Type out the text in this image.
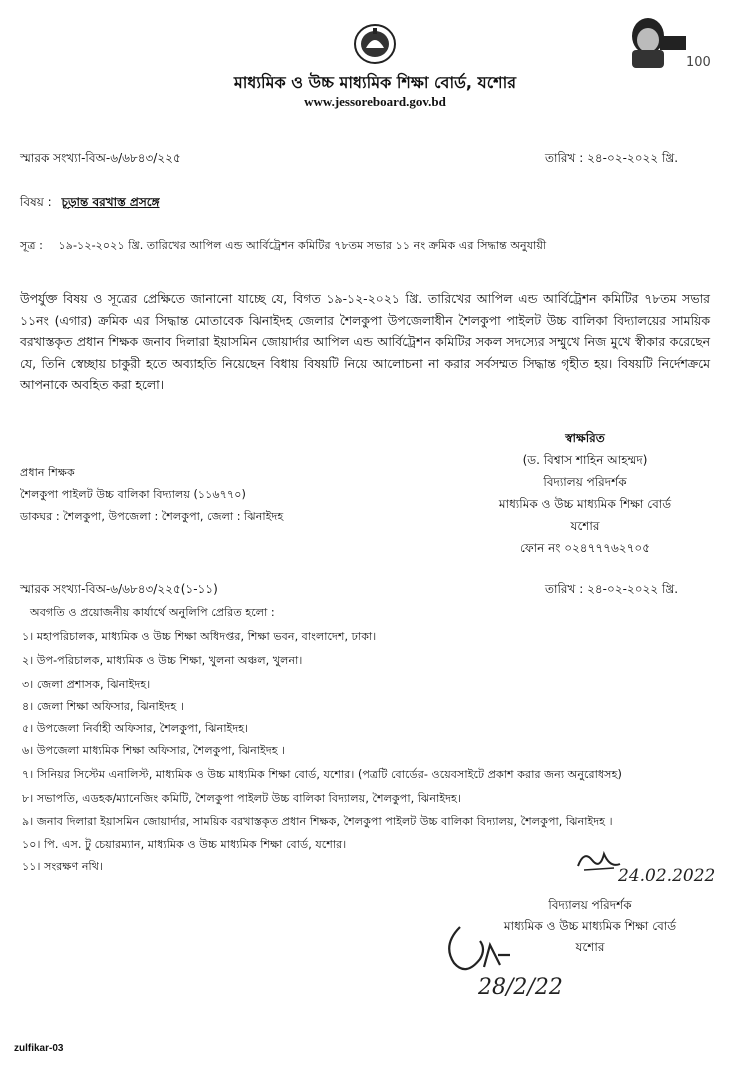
100
মাধ্যমিক ও উচ্চ মাধ্যমিক শিক্ষা বোর্ড, যশোর
www.jessoreboard.gov.bd
স্মারক সংখ্যা-বিঅ-৬/৬৮৪৩/২২৫	তারিখ : ২৪-০২-২০২২ খ্রি.
বিষয় : চূড়ান্ত বরখাস্ত প্রসঙ্গে
সূত্র : ১৯-১২-২০২১ খ্রি. তারিখের আপিল এন্ড আর্বিট্রেশন কমিটির ৭৮তম সভার ১১ নং ক্রমিক এর সিদ্ধান্ত অনুযায়ী
উপর্যুক্ত বিষয় ও সূত্রের প্রেক্ষিতে জানানো যাচ্ছে যে, বিগত ১৯-১২-২০২১ খ্রি. তারিখের আপিল এন্ড আর্বিট্রেশন কমিটির ৭৮তম সভার ১১নং (এগার) ক্রমিক এর সিদ্ধান্ত মোতাবেক ঝিনাইদহ জেলার শৈলকুপা উপজেলাধীন শৈলকুপা পাইলট উচ্চ বালিকা বিদ্যালয়ের সাময়িক বরখাস্তকৃত প্রধান শিক্ষক জনাব দিলারা ইয়াসমিন জোয়ার্দার আপিল এন্ড আর্বিট্রেশন কমিটির সকল সদস্যের সম্মুখে নিজ মুখে স্বীকার করেছেন যে, তিনি স্বেচ্ছায় চাকুরী হতে অব্যাহতি নিয়েছেন বিধায় বিষয়টি নিয়ে আলোচনা না করার সর্বসম্মত সিদ্ধান্ত গৃহীত হয়। বিষয়টি নির্দেশক্রমে আপনাকে অবহিত করা হলো।
স্বাক্ষরিত
(ড. বিশ্বাস শাহিন আহম্মদ)
বিদ্যালয় পরিদর্শক
মাধ্যমিক ও উচ্চ মাধ্যমিক শিক্ষা বোর্ড
যশোর
ফোন নং ০২৪৭৭৭৬২৭০৫
প্রধান শিক্ষক
শৈলকুপা পাইলট উচ্চ বালিকা বিদ্যালয় (১১৬৭৭০)
ডাকঘর : শৈলকুপা, উপজেলা : শৈলকুপা, জেলা : ঝিনাইদহ
স্মারক সংখ্যা-বিঅ-৬/৬৮৪৩/২২৫(১-১১)	তারিখ : ২৪-০২-২০২২ খ্রি.
অবগতি ও প্রয়োজনীয় কার্যার্থে অনুলিপি প্রেরিত হলো :
১। মহাপরিচালক, মাধ্যমিক ও উচ্চ শিক্ষা অধিদপ্তর, শিক্ষা ভবন, বাংলাদেশ, ঢাকা।
২। উপ-পরিচালক, মাধ্যমিক ও উচ্চ শিক্ষা, খুলনা অঞ্চল, খুলনা।
৩। জেলা প্রশাসক, ঝিনাইদহ।
৪। জেলা শিক্ষা অফিসার, ঝিনাইদহ ।
৫। উপজেলা নির্বাহী অফিসার, শৈলকুপা, ঝিনাইদহ।
৬। উপজেলা মাধ্যমিক শিক্ষা অফিসার, শৈলকুপা, ঝিনাইদহ ।
৭। সিনিয়র সিস্টেম এনালিস্ট, মাধ্যমিক ও উচ্চ মাধ্যমিক শিক্ষা বোর্ড, যশোর। (পত্রটি বোর্ডের- ওয়েবসাইটে প্রকাশ করার জন্য অনুরোধসহ)
৮। সভাপতি, এডহক/ম্যানেজিং কমিটি, শৈলকুপা পাইলট উচ্চ বালিকা বিদ্যালয়, শৈলকুপা, ঝিনাইদহ।
৯। জনাব দিলারা ইয়াসমিন জোয়ার্দার, সাময়িক বরখাস্তকৃত প্রধান শিক্ষক, শৈলকুপা পাইলট উচ্চ বালিকা বিদ্যালয়, শৈলকুপা, ঝিনাইদহ ।
১০। পি. এস. টু চেয়ারম্যান, মাধ্যমিক ও উচ্চ মাধ্যমিক শিক্ষা বোর্ড, যশোর।
১১। সংরক্ষণ নথি।	24.02.2022
বিদ্যালয় পরিদর্শক
মাধ্যমিক ও উচ্চ মাধ্যমিক শিক্ষা বোর্ড
যশোর
28/2/22
zulfikar-03
